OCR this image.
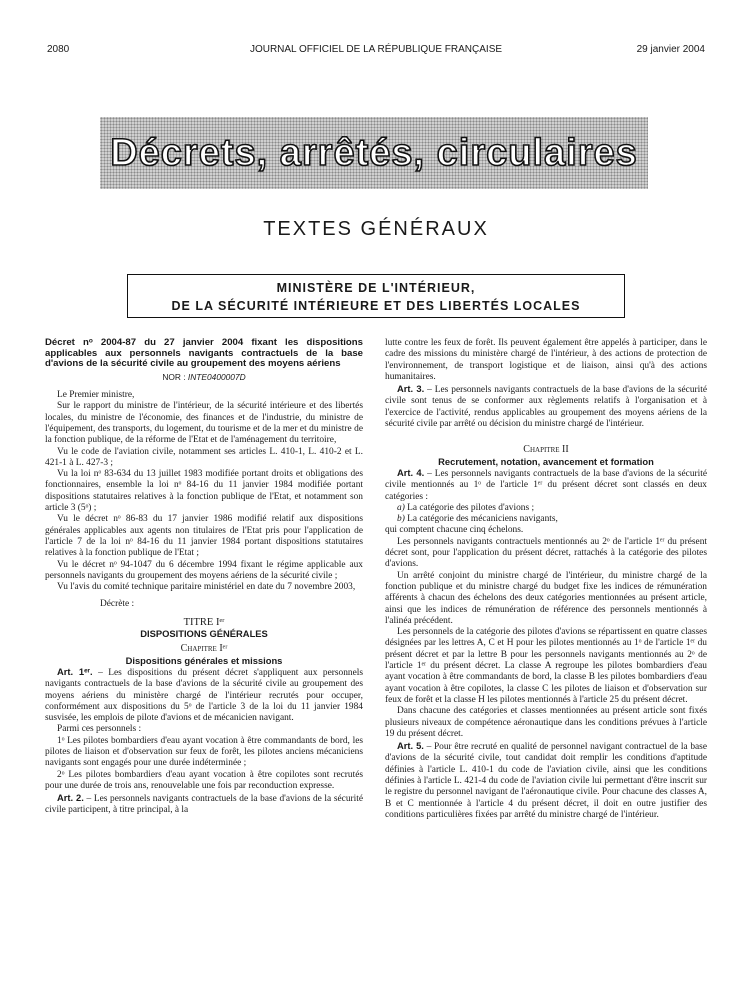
2080	JOURNAL OFFICIEL DE LA RÉPUBLIQUE FRANÇAISE	29 janvier 2004
Décrets, arrêtés, circulaires
TEXTES GÉNÉRAUX
MINISTÈRE DE L'INTÉRIEUR,
DE LA SÉCURITÉ INTÉRIEURE ET DES LIBERTÉS LOCALES
Décret nᵒ 2004-87 du 27 janvier 2004 fixant les dispositions applicables aux personnels navigants contractuels de la base d'avions de la sécurité civile au groupement des moyens aériens
NOR : INTE0400007D

Le Premier ministre,

Sur le rapport du ministre de l'intérieur, de la sécurité intérieure et des libertés locales, du ministre de l'économie, des finances et de l'industrie, du ministre de l'équipement, des transports, du logement, du tourisme et de la mer et du ministre de la fonction publique, de la réforme de l'Etat et de l'aménagement du territoire,

Vu le code de l'aviation civile, notamment ses articles L. 410-1, L. 410-2 et L. 421-1 à L. 427-3 ;

Vu la loi nᵒ 83-634 du 13 juillet 1983 modifiée portant droits et obligations des fonctionnaires, ensemble la loi nᵒ 84-16 du 11 janvier 1984 modifiée portant dispositions statutaires relatives à la fonction publique de l'Etat, et notamment son article 3 (5ᵒ) ;

Vu le décret nᵒ 86-83 du 17 janvier 1986 modifié relatif aux dispositions générales applicables aux agents non titulaires de l'Etat pris pour l'application de l'article 7 de la loi nᵒ 84-16 du 11 janvier 1984 portant dispositions statutaires relatives à la fonction publique de l'Etat ;

Vu le décret nᵒ 94-1047 du 6 décembre 1994 fixant le régime applicable aux personnels navigants du groupement des moyens aériens de la sécurité civile ;

Vu l'avis du comité technique paritaire ministériel en date du 7 novembre 2003,

Décrète :

TITRE Iᵉʳ

DISPOSITIONS GÉNÉRALES

Chapitre Iᵉʳ

Dispositions générales et missions

Art. 1ᵉʳ. – Les dispositions du présent décret s'appliquent aux personnels navigants contractuels de la base d'avions de la sécurité civile au groupement des moyens aériens du ministère chargé de l'intérieur recrutés pour occuper, conformément aux dispositions du 5ᵒ de l'article 3 de la loi du 11 janvier 1984 susvisée, les emplois de pilote d'avions et de mécanicien navigant.

Parmi ces personnels :

1ᵒ Les pilotes bombardiers d'eau ayant vocation à être commandants de bord, les pilotes de liaison et d'observation sur feux de forêt, les pilotes anciens mécaniciens navigants sont engagés pour une durée indéterminée ;

2ᵒ Les pilotes bombardiers d'eau ayant vocation à être copilotes sont recrutés pour une durée de trois ans, renouvelable une fois par reconduction expresse.

Art. 2. – Les personnels navigants contractuels de la base d'avions de la sécurité civile participent, à titre principal, à la

lutte contre les feux de forêt. Ils peuvent également être appelés à participer, dans le cadre des missions du ministère chargé de l'intérieur, à des actions de protection de l'environnement, de transport logistique et de liaison, ainsi qu'à des actions humanitaires.

Art. 3. – Les personnels navigants contractuels de la base d'avions de la sécurité civile sont tenus de se conformer aux règlements relatifs à l'organisation et à l'exercice de l'activité, rendus applicables au groupement des moyens aériens de la sécurité civile par arrêté ou décision du ministre chargé de l'intérieur.

Chapitre II

Recrutement, notation, avancement et formation

Art. 4. – Les personnels navigants contractuels de la base d'avions de la sécurité civile mentionnés au 1ᵒ de l'article 1ᵉʳ du présent décret sont classés en deux catégories :

a) La catégorie des pilotes d'avions ;

b) La catégorie des mécaniciens navigants,

qui comptent chacune cinq échelons.

Les personnels navigants contractuels mentionnés au 2ᵒ de l'article 1ᵉʳ du présent décret sont, pour l'application du présent décret, rattachés à la catégorie des pilotes d'avions.

Un arrêté conjoint du ministre chargé de l'intérieur, du ministre chargé de la fonction publique et du ministre chargé du budget fixe les indices de rémunération afférents à chacun des échelons des deux catégories mentionnées au présent article, ainsi que les indices de rémunération de référence des personnels mentionnés à l'alinéa précédent.

Les personnels de la catégorie des pilotes d'avions se répartissent en quatre classes désignées par les lettres A, C et H pour les pilotes mentionnés au 1ᵒ de l'article 1ᵉʳ du présent décret et par la lettre B pour les personnels navigants mentionnés au 2ᵒ de l'article 1ᵉʳ du présent décret. La classe A regroupe les pilotes bombardiers d'eau ayant vocation à être commandants de bord, la classe B les pilotes bombardiers d'eau ayant vocation à être copilotes, la classe C les pilotes de liaison et d'observation sur feux de forêt et la classe H les pilotes mentionnés à l'article 25 du présent décret.

Dans chacune des catégories et classes mentionnées au présent article sont fixés plusieurs niveaux de compétence aéronautique dans les conditions prévues à l'article 19 du présent décret.

Art. 5. – Pour être recruté en qualité de personnel navigant contractuel de la base d'avions de la sécurité civile, tout candidat doit remplir les conditions d'aptitude définies à l'article L. 410-1 du code de l'aviation civile, ainsi que les conditions définies à l'article L. 421-4 du code de l'aviation civile lui permettant d'être inscrit sur le registre du personnel navigant de l'aéronautique civile. Pour chacune des classes A, B et C mentionnée à l'article 4 du présent décret, il doit en outre justifier des conditions particulières fixées par arrêté du ministre chargé de l'intérieur.
